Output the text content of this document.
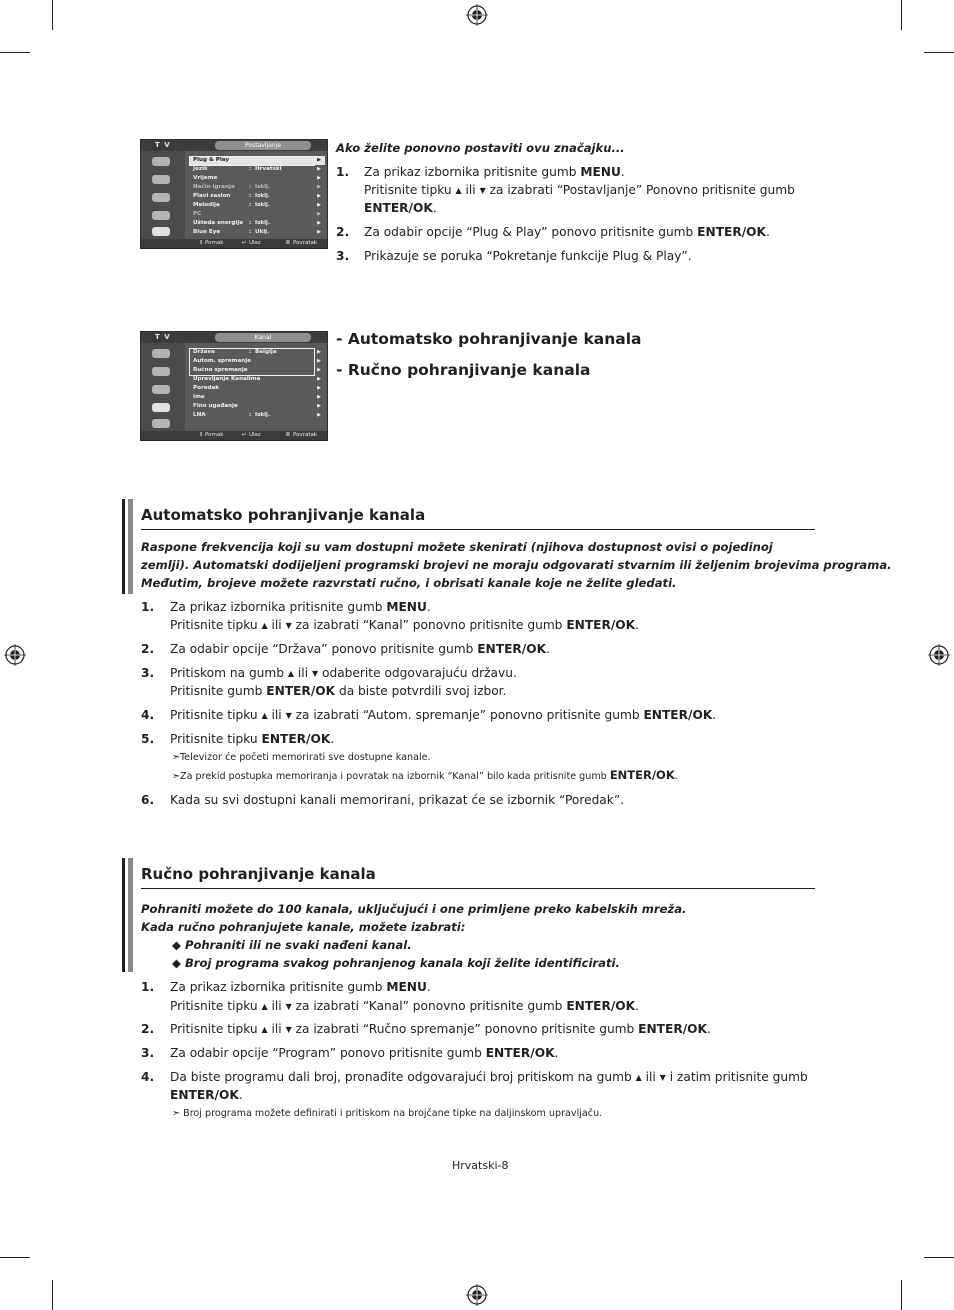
T V	Postavljanje
Plug & Play	▶
Jezik	: Hrvatski	▶
Vrijeme	▶
Način igranja	: Isklj.	▶
Plavi zaslon	: Isklj.	▶
Melodija	: Isklj.	▶
PC	▶
Ušteda energije : Isklj.	▶
Blue Eye	: Uklj.	▶
Pomak	Ulaz	Povratak
⇕	↵	Ⅲ
T V	Kanal
Država	: Belgija	▶
Autom. spremanje	▶
Ručno spremanje	▶
Upravljanje Kanalima	▶
Poredak	▶
Ime	▶
Fino ugađanje	▶
LNA	: Isklj.	▶
Pomak	Ulaz	Povratak
⇕	↵	Ⅲ
Ako želite ponovno postaviti ovu značajku...
1. Za prikaz izbornika pritisnite gumb MENU.
Pritisnite tipku ▲ ili ▼ za izabrati “Postavljanje” Ponovno pritisnite gumb
ENTER/OK.
2. Za odabir opcije “Plug & Play” ponovo pritisnite gumb ENTER/OK.
3. Prikazuje se poruka “Pokretanje funkcije Plug & Play”.
- Automatsko pohranjivanje kanala
- Ručno pohranjivanje kanala
Automatsko pohranjivanje kanala
Raspone frekvencija koji su vam dostupni možete skenirati (njihova dostupnost ovisi o pojedinoj
zemlji). Automatski dodijeljeni programski brojevi ne moraju odgovarati stvarnim ili željenim brojevima programa.
Međutim, brojeve možete razvrstati ručno, i obrisati kanale koje ne želite gledati.
1. Za prikaz izbornika pritisnite gumb MENU.
Pritisnite tipku ▲ ili ▼ za izabrati “Kanal” ponovno pritisnite gumb ENTER/OK.
2. Za odabir opcije “Država” ponovo pritisnite gumb ENTER/OK.
3. Pritiskom na gumb ▲ ili ▼ odaberite odgovarajuću državu.
Pritisnite gumb ENTER/OK da biste potvrdili svoj izbor.
4. Pritisnite tipku ▲ ili ▼ za izabrati “Autom. spremanje” ponovno pritisnite gumb ENTER/OK.
5. Pritisnite tipku ENTER/OK.
➣Televizor će početi memorirati sve dostupne kanale.
➣Za prekid postupka memoriranja i povratak na izbornik “Kanal” bilo kada pritisnite gumb ENTER/OK.
6. Kada su svi dostupni kanali memorirani, prikazat će se izbornik “Poredak”.
Ručno pohranjivanje kanala
Pohraniti možete do 100 kanala, uključujući i one primljene preko kabelskih mreža.
Kada ručno pohranjujete kanale, možete izabrati:
◆ Pohraniti ili ne svaki nađeni kanal.
◆ Broj programa svakog pohranjenog kanala koji želite identificirati.
1. Za prikaz izbornika pritisnite gumb MENU.
Pritisnite tipku ▲ ili ▼ za izabrati “Kanal” ponovno pritisnite gumb ENTER/OK.
2. Pritisnite tipku ▲ ili ▼ za izabrati “Ručno spremanje” ponovno pritisnite gumb ENTER/OK.
3. Za odabir opcije “Program” ponovo pritisnite gumb ENTER/OK.
4. Da biste programu dali broj, pronađite odgovarajući broj pritiskom na gumb ▲ ili ▼ i zatim pritisnite gumb
ENTER/OK.
➣ Broj programa možete definirati i pritiskom na brojčane tipke na daljinskom upravljaču.
Hrvatski-8
